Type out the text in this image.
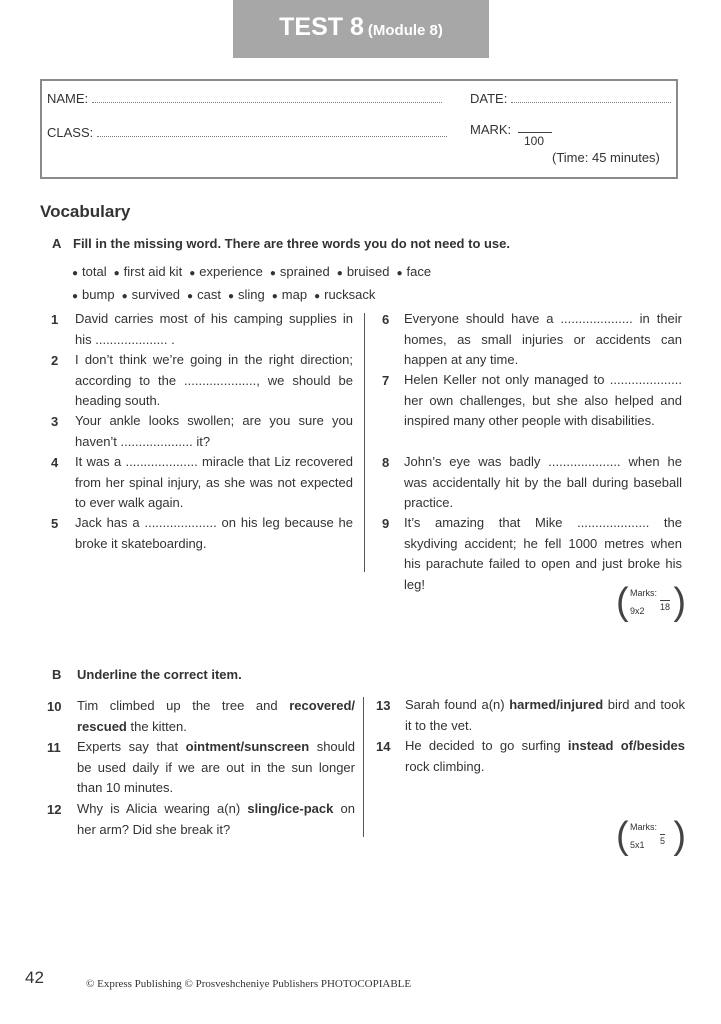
TEST 8 (Module 8)
NAME:	DATE:
CLASS:	MARK:
100
(Time: 45 minutes)
Vocabulary
A Fill in the missing word. There are three words you do not need to use.
● total ● first aid kit ● experience ● sprained ● bruised ● face
● bump ● survived ● cast ● sling ● map ● rucksack
1 David carries most of his camping supplies in his .................... .
2 I don’t think we’re going in the right direction; according to the ...................., we should be heading south.
3 Your ankle looks swollen; are you sure you haven’t .................... it?
4 It was a .................... miracle that Liz recovered from her spinal injury, as she was not expected to ever walk again.
5 Jack has a .................... on his leg because he broke it skateboarding.
6 Everyone should have a .................... in their homes, as small injuries or accidents can happen at any time.
7 Helen Keller not only managed to .................... her own challenges, but she also helped and inspired many other people with disabilities.
8 John’s eye was badly .................... when he was accidentally hit by the ball during baseball practice.
9 It’s amazing that Mike .................... the skydiving accident; he fell 1000 metres when his parachute failed to open and just broke his leg!	( Marks:
9x2 18 )
B Underline the correct item.
10 Tim climbed up the tree and recovered/ rescued the kitten.
11 Experts say that ointment/sunscreen should be used daily if we are out in the sun longer than 10 minutes.
12 Why is Alicia wearing a(n) sling/ice-pack on her arm? Did she break it?
13 Sarah found a(n) harmed/injured bird and took it to the vet.
14 He decided to go surfing instead of/besides rock climbing.
( Marks:
5x1 5 )
42	© Express Publishing © Prosveshcheniye Publishers PHOTOCOPIABLE
